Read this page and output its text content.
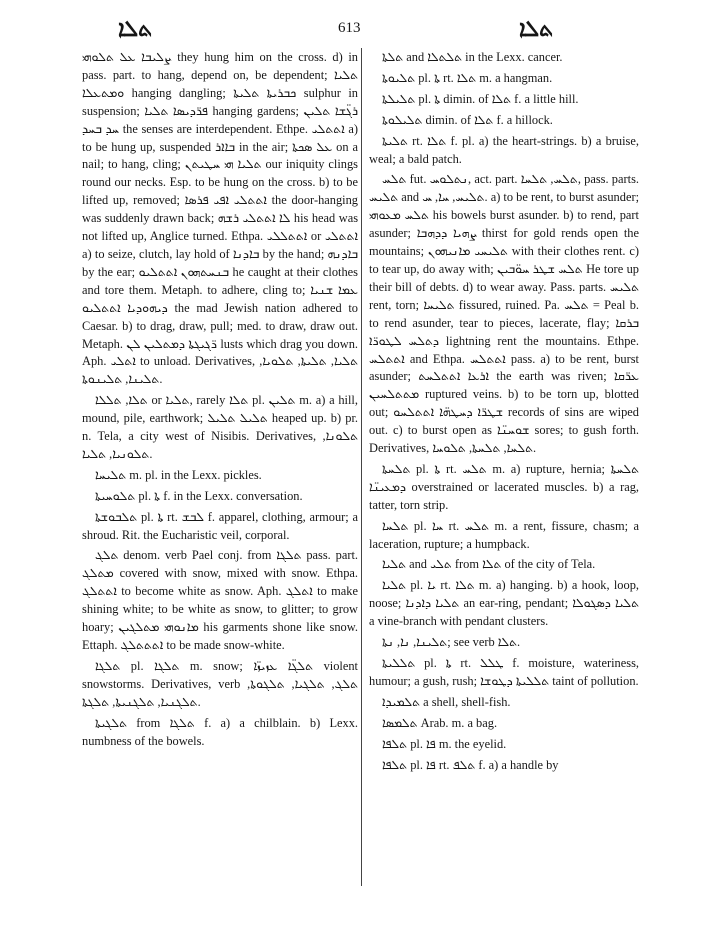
ܬܠܐ	613	ܬܠܐ

ܨܠܝܒܐ ܥܠ ܬܠܘܗܝ they hung him on the cross. d) in pass. part. to hang, depend on, be dependent; ܬܠܝܐ ܘܡܬܥܠܐ hanging dangling; ܟܒܪܝܬܐ ܬܠܝܬܐ sulphur in suspension; ܦܪ̈ܕܝܣܐ ܬܠܝܐ hanging gardens; ܪܓ̈ܫܐ ܬܠܝܢ ܚܕ ܒܚܕ the senses are interdependent. Ethpe. ܐܬܬܠܝ a) to be hung up, suspended ܒܐܐܪ in the air; ܥܠ ܣܟܬܐ on a nail; to hang, cling; ܬܠܝܐ ܗܝ ܚܛܝܬܢ our iniquity clings round our necks. Esp. to be hung on the cross. b) to be lifted up, removed; ܐܬܬܠܝ ܐܦܝ ܦܪܣܐ the door-hanging was suddenly drawn back; ܠܐ ܐܬܬܠܝ ܪܫܗ his head was not lifted up, Anglice turned. Ethpa. ܐܬܬܠܠܝ or ܐܬܬܠܝ a) to seize, clutch, lay hold of ܒܐܕܢܐ by the hand; ܒܐܕܢܗ by the ear; ܒܢܚܬܗܘܢ ܐܬܬܠܝܘ he caught at their clothes and tore them. Metaph. to adhere, cling to; ܥܡܐ ܫܢܝܐ ܕܝܗܘܕܝܐ ܐܬܬܠܝܘ the mad Jewish nation adhered to Caesar. b) to drag, draw, pull; med. to draw, draw out. Metaph. ܪ̈ܓܝܓܬܐ ܕܡܬܠܝܢ ܠܢ lusts which drag you down. Aph. ܐܬܠܝ to unload. Derivatives, ܬܠܝܐ, ܬܠܝܬܐ, ܬܠܘܝܐ, ܬܠܝܢܐ, ܬܠܝܢܘܬܐ.

ܬܠܐ, ܬܠܠܐ or ܬܠܝܐ, rarely ܬܠܐ pl. ܬܠܝܢ m. a) a hill, mound, pile, earthwork; ܬܠܝܠ ܬܠܝܠ heaped up. b) pr. n. Tela, a city west of Nisibis. Derivatives, ܬܠܘܢܐ, ܬܠܘܢܝܐ, ܬܠܝܐ.

ܬܠܝܚܐ m. pl. in the Lexx. pickles.

ܬܠܘܚܝܬܐ pl. ܬܐ f. in the Lexx. conversation.

ܬܠܒܘܫܬܐ pl. ܬܐ rt. ܠܒܫ f. apparel, clothing, armour; a shroud. Rit. the Eucharistic veil, corporal.

ܬܠܓ denom. verb Pael conj. from ܬܠܓܐ pass. part. ܡܬܠܓ covered with snow, mixed with snow. Ethpa. ܐܬܬܠܓ to become white as snow. Aph. ܐܬܠܓ to make shining white; to be white as snow, to glitter; to grow hoary; ܡܐܢܘܗܝ ܡܬܠܓܝܢ his garments shone like snow. Ettaph. ܐܬܬܬܠܓ to be made snow-white.

ܬܠܓܐ pl. ܬܠܓܐ m. snow; ܬܠܓ̈ܐ ܥܙܝܙ̈ܐ violent snowstorms. Derivatives, verb ܬܠܓ, ܬܠܓܝܐ, ܬܠܓܘܬܐ, ܬܠܓܢܝܐ, ܬܠܓܢܝܬܐ, ܬܠܓܬܐ.

ܬܠܓܝܬܐ from ܬܠܓܐ f. a) a chilblain. b) Lexx. numbness of the bowels.

ܬܠܬܐ and ܬܠܬܠܐ in the Lexx. cancer.

ܬܠܝܘܬܐ pl. ܬܐ rt. ܬܠܐ m. a hangman.

ܬܠܝܠܬܐ pl. ܬܐ dimin. of ܬܠܐ f. a little hill.

ܬܠܝܠܘܬܐ dimin. of ܬܠܐ f. a hillock.

ܬܠܝܬܐ rt. ܬܠܐ f. pl. a) the heart-strings. b) a bruise, weal; a bald patch.

ܬܠܚ fut. ܢܬܠܘܚ, act. part. ܬܠܚ, ܬܠܚܐ, pass. parts. ܬܠܝܚ and ܬܠܝܚ, ܚܐ, ܚ. a) to be rent, to burst asunder; ܬܠܚ ܡܥܘܗܝ his bowels burst asunder. b) to rend, part asunder; ܨܗܝܐ ܕܕܗܒܐ thirst for gold rends open the mountains; ܬܠܝܚܝ ܡܐܢܝܗܘܢ with their clothes rent. c) to tear up, do away with; ܬܠܚ ܫܛܪ ܚܘ̈ܒܝܢ He tore up their bill of debts. d) to wear away. Pass. parts. ܬܠܝܚ rent, torn; ܬܠܝܚܐ fissured, ruined. Pa. ܬܠܚ = Peal b. to rend asunder, tear to pieces, lacerate, flay; ܒܪܩܐ ܕܬܠܚ ܠܛܘܪ̈ܐ lightning rent the mountains. Ethpe. ܐܬܬܠܚ and Ethpa. ܐܬܬܠܚ pass. a) to be rent, burst asunder; ܐܪܥܐ ܐܬܬܠܚܬ the earth was riven; ܥܪ̈ܩܐ ܡܬܬܠܚܝܢ ruptured veins. b) to be torn up, blotted out; ܫܛܪ̈ܐ ܕܚܛܗ̈ܐ ܐܬܬܠܚܘ records of sins are wiped out. c) to burst open as ܫܘܚܢ̈ܐ sores; to gush forth. Derivatives, ܬܠܚܐ, ܬܠܚܬܐ, ܬܠܘܚܐ.

ܬܠܚܬܐ pl. ܬܐ rt. ܬܠܚ m. a) rupture, hernia; ܬܠܚܬܐ ܕܡܥܝܢ̈ܐ overstrained or lacerated muscles. b) a rag, tatter, torn strip.

ܬܠܚܐ pl. ܚܐ rt. ܬܠܚ m. a rent, fissure, chasm; a laceration, rupture; a humpback.

ܬܠܝܐ and ܬܠܝ from ܬܠܐ of the city of Tela.

ܬܠܝܐ pl. ܝܐ rt. ܬܠܐ m. a) hanging. b) a hook, loop, noose; ܬܠܝܐ ܕܐܕܢܐ an ear-ring, pendant; ܬܠܝܐ ܕܣܓܘܠܐ a vine-branch with pendant clusters.

ܬܠܝܢܐ, ܢܐ, ܢܬܐ; see verb ܬܠܐ.

ܬܠܠܝܬܐ pl. ܬܐ rt. ܛܠܠ f. moisture, wateriness, humour; a gush, rush; ܬܠܠܝܬܐ ܕܛܘܫܐ taint of pollution.

ܬܠܡܝܕܐ a shell, shell-fish.

ܬܠܡܣܐ Arab. m. a bag.

ܬܠܦܐ pl. ܦܐ m. the eyelid.

ܬܠܦܐ pl. ܦܐ rt. ܬܠܦ f. a) a handle by
